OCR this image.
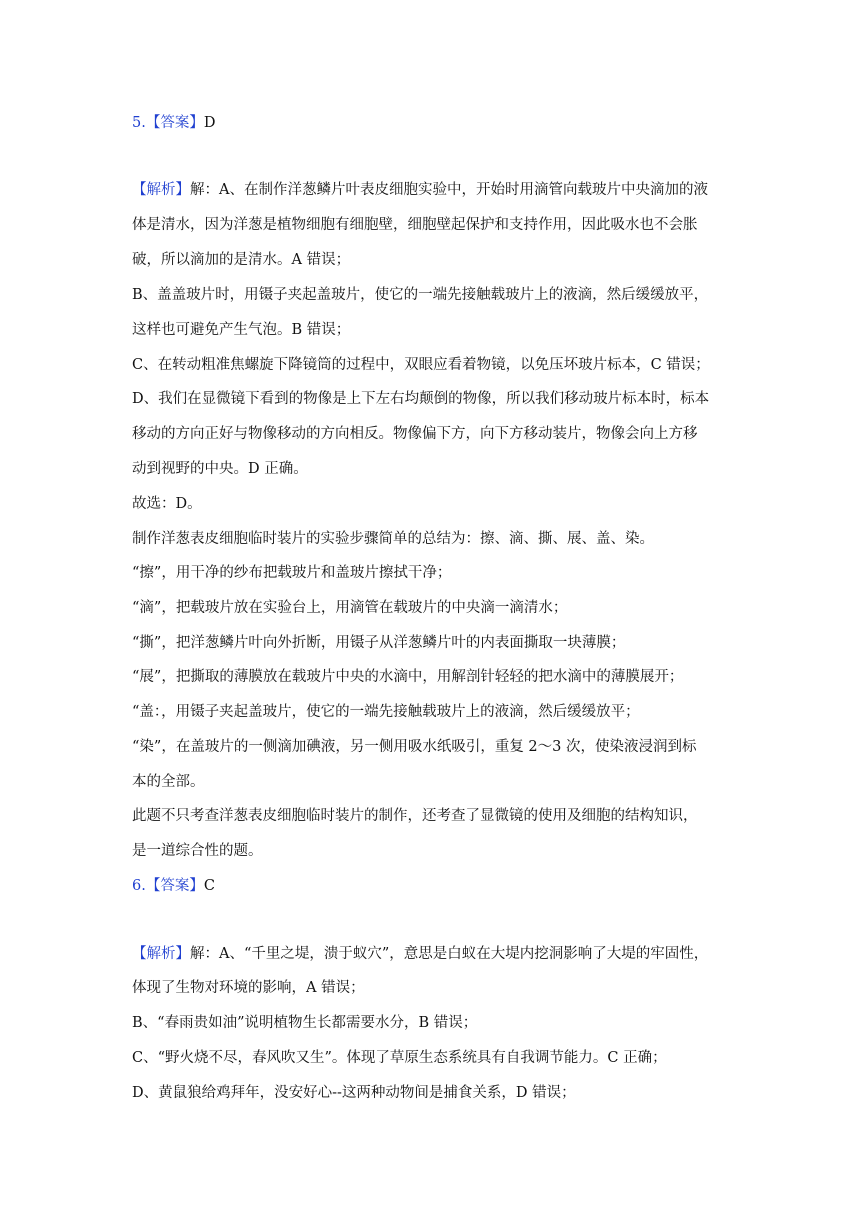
5.【答案】D
【解析】解：A、在制作洋葱鳞片叶表皮细胞实验中，开始时用滴管向载玻片中央滴加的液
体是清水，因为洋葱是植物细胞有细胞壁，细胞壁起保护和支持作用，因此吸水也不会胀
破，所以滴加的是清水。A 错误；
B、盖盖玻片时，用镊子夹起盖玻片，使它的一端先接触载玻片上的液滴，然后缓缓放平，
这样也可避免产生气泡。B 错误；
C、在转动粗准焦螺旋下降镜筒的过程中，双眼应看着物镜，以免压坏玻片标本，C 错误；
D、我们在显微镜下看到的物像是上下左右均颠倒的物像，所以我们移动玻片标本时，标本
移动的方向正好与物像移动的方向相反。物像偏下方，向下方移动装片，物像会向上方移
动到视野的中央。D 正确。
故选：D。
制作洋葱表皮细胞临时装片的实验步骤简单的总结为：擦、滴、撕、展、盖、染。
“擦”，用干净的纱布把载玻片和盖玻片擦拭干净；
“滴”，把载玻片放在实验台上，用滴管在载玻片的中央滴一滴清水；
“撕”，把洋葱鳞片叶向外折断，用镊子从洋葱鳞片叶的内表面撕取一块薄膜；
“展”，把撕取的薄膜放在载玻片中央的水滴中，用解剖针轻轻的把水滴中的薄膜展开；
“盖：，用镊子夹起盖玻片，使它的一端先接触载玻片上的液滴，然后缓缓放平；
“染”，在盖玻片的一侧滴加碘液，另一侧用吸水纸吸引，重复 2～3 次，使染液浸润到标
本的全部。
此题不只考查洋葱表皮细胞临时装片的制作，还考查了显微镜的使用及细胞的结构知识，
是一道综合性的题。
6.【答案】C
【解析】解：A、“千里之堤，溃于蚁穴”，意思是白蚁在大堤内挖洞影响了大堤的牢固性，
体现了生物对环境的影响，A 错误；
B、“春雨贵如油”说明植物生长都需要水分，B 错误；
C、“野火烧不尽，春风吹又生”。体现了草原生态系统具有自我调节能力。C 正确；
D、黄鼠狼给鸡拜年，没安好心--这两种动物间是捕食关系，D 错误；
